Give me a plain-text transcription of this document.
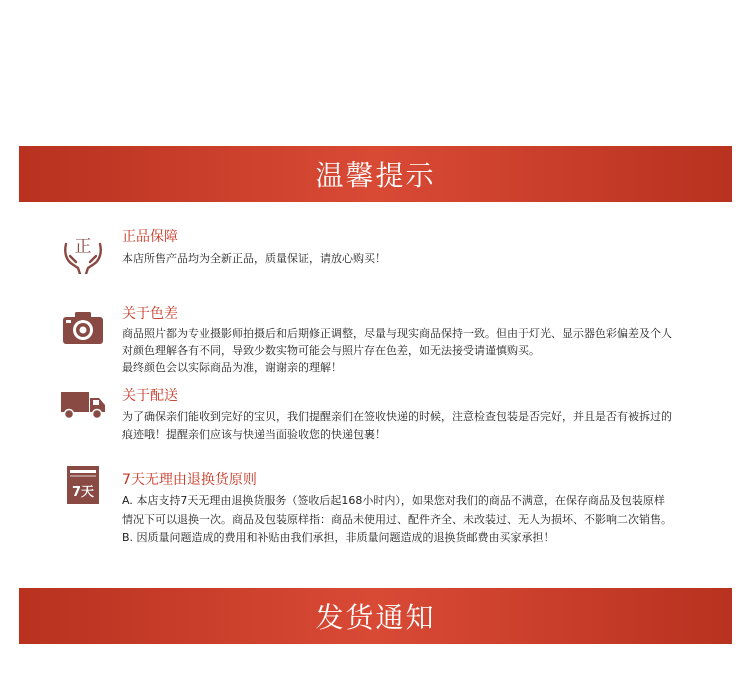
温馨提示
正 正品保障
本店所售产品均为全新正品，质量保证，请放心购买！
关于色差
商品照片都为专业摄影师拍摄后和后期修正调整，尽量与现实商品保持一致。但由于灯光、显示器色彩偏差及个人
对颜色理解各有不同，导致少数实物可能会与照片存在色差，如无法接受请谨慎购买。
最终颜色会以实际商品为准，谢谢亲的理解！
关于配送
为了确保亲们能收到完好的宝贝，我们提醒亲们在签收快递的时候，注意检查包装是否完好，并且是否有被拆过的
痕迹哦！提醒亲们应该与快递当面验收您的快递包裹！
7天
7天无理由退换货原则
A. 本店支持7天无理由退换货服务（签收后起168小时内），如果您对我们的商品不满意，在保存商品及包装原样
情况下可以退换一次。商品及包装原样指：商品未使用过、配件齐全、未改装过、无人为损坏、不影响二次销售。
B. 因质量问题造成的费用和补贴由我们承担，非质量问题造成的退换货邮费由买家承担！
发货通知
